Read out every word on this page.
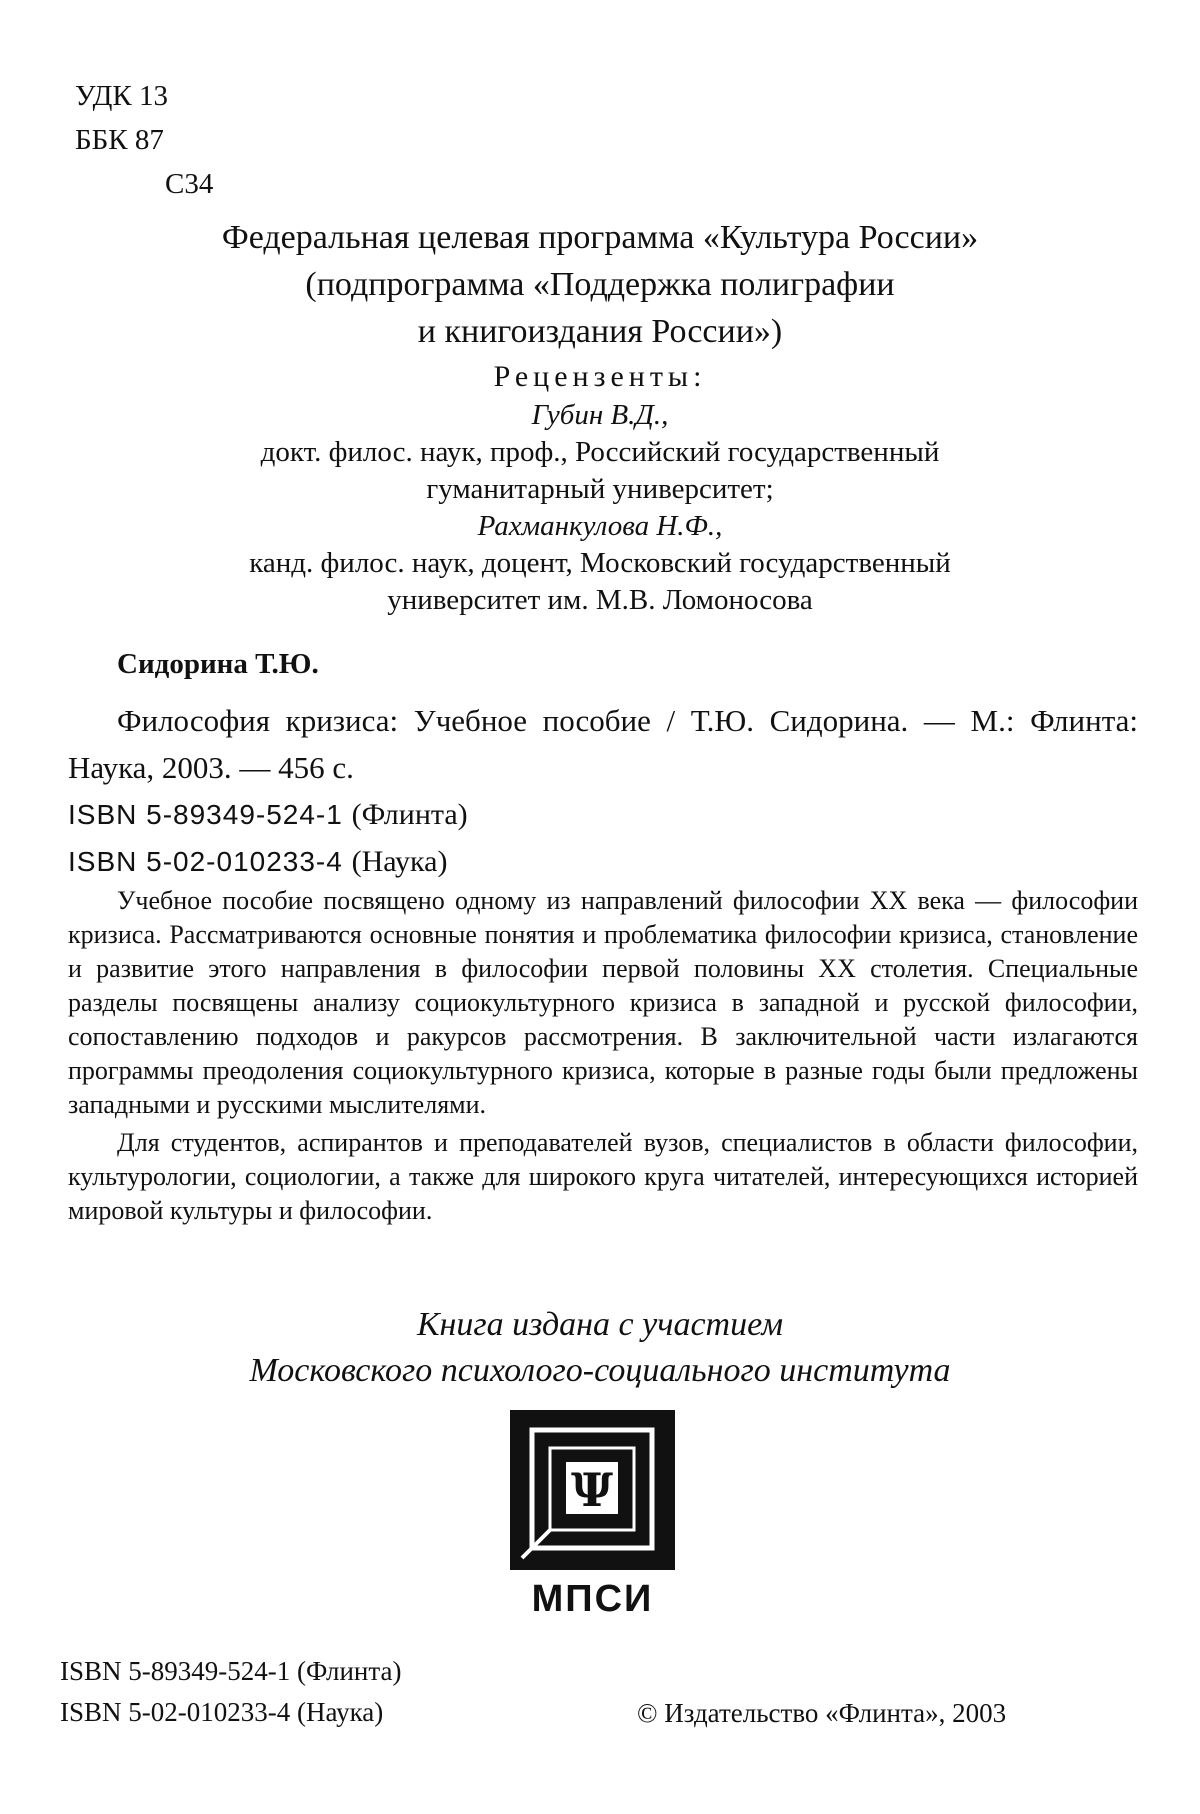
УДК 13
ББК 87
С34
Федеральная целевая программа «Культура России»
(подпрограмма «Поддержка полиграфии
и книгоиздания России»)
Рецензенты:
Губин В.Д.,
докт. филос. наук, проф., Российский государственный
гуманитарный университет;
Рахманкулова Н.Ф.,
канд. филос. наук, доцент, Московский государственный
университет им. М.В. Ломоносова
Сидорина Т.Ю.
Философия кризиса: Учебное пособие / Т.Ю. Сидорина. — М.: Флинта: Наука, 2003. — 456 с.
ISBN 5-89349-524-1 (Флинта)
ISBN 5-02-010233-4 (Наука)

Учебное пособие посвящено одному из направлений философии XX века — философии кризиса. Рассматриваются основные понятия и проблематика философии кризиса, становление и развитие этого направления в философии первой половины XX столетия. Специальные разделы посвящены анализу социокультурного кризиса в западной и русской философии, сопоставлению подходов и ракурсов рассмотрения. В заключительной части излагаются программы преодоления социокультурного кризиса, которые в разные годы были предложены западными и русскими мыслителями.

Для студентов, аспирантов и преподавателей вузов, специалистов в области философии, культурологии, социологии, а также для широкого круга читателей, интересующихся историей мировой культуры и философии.

Книга издана с участием
Московского психолого-социального института
Ψ
МПСИ
ISBN 5-89349-524-1 (Флинта)
ISBN 5-02-010233-4 (Наука)	© Издательство «Флинта», 2003
